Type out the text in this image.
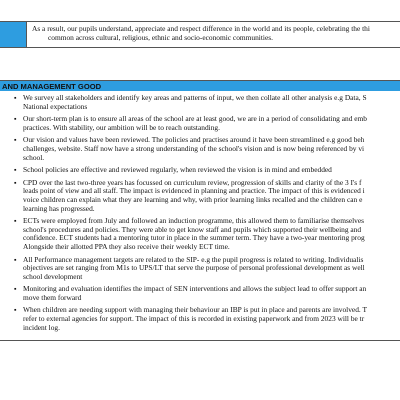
As a result, our pupils understand, appreciate and respect difference in the world and its people, celebrating the thi
common across cultural, religious, ethnic and socio-economic communities.
AND MANAGEMENT GOOD
▪ We survey all stakeholders and identify key areas and patterns of input, we then collate all other analysis e.g Data, S
National expectations
▪ Our short-term plan is to ensure all areas of the school are at least good, we are in a period of consolidating and emb
practices. With stability, our ambition will be to reach outstanding.
▪ Our vision and values have been reviewed. The policies and practises around it have been streamlined e.g good beh
challenges, website. Staff now have a strong understanding of the school's vision and is now being referenced by vi
school.
▪ School policies are effective and reviewed regularly, when reviewed the vision is in mind and embedded
▪ CPD over the last two-three years has focussed on curriculum review, progression of skills and clarity of the 3 I's f
leads point of view and all staff. The impact is evidenced in planning and practice. The impact of this is evidenced i
voice children can explain what they are learning and why, with prior learning links recalled and the children can e
learning has progressed.
▪ ECTs were employed from July and followed an induction programme, this allowed them to familiarise themselves
school's procedures and policies. They were able to get know staff and pupils which supported their wellbeing and
confidence. ECT students had a mentoring tutor in place in the summer term. They have a two-year mentoring prog
Alongside their allotted PPA they also receive their weekly ECT time.
▪ All Performance management targets are related to the SIP- e.g the pupil progress is related to writing. Individualis
objectives are set ranging from M1s to UPS/LT that serve the purpose of personal professional development as well
school development
▪ Monitoring and evaluation identifies the impact of SEN interventions and allows the subject lead to offer support an
move them forward
▪ When children are needing support with managing their behaviour an IBP is put in place and parents are involved. T
refer to external agencies for support. The impact of this is recorded in existing paperwork and from 2023 will be tr
incident log.
